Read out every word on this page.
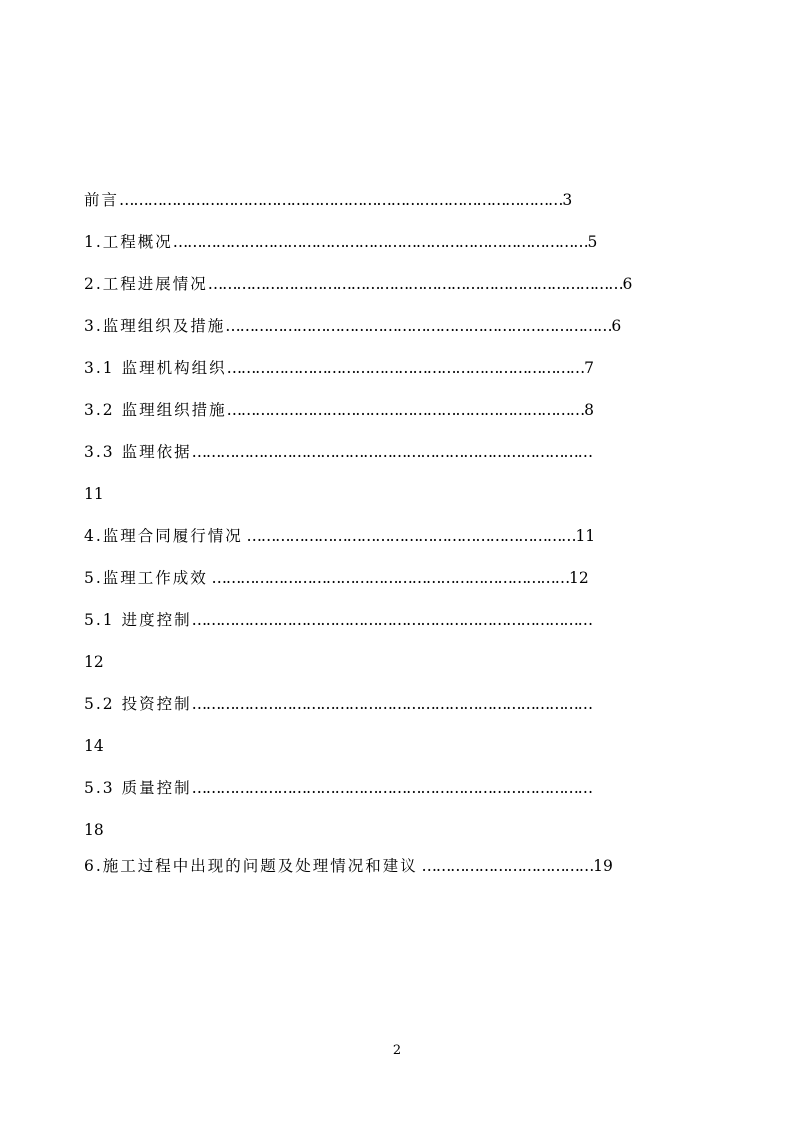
前言…………………………………………………………………………………3
1.工程概况……………………………………………………………………………5
2.工程进展情况……………………………………………………………………………6
3.监理组织及措施………………………………………………………………………6
3.1 监理机构组织…………………………………………………………………7
3.2 监理组织措施…………………………………………………………………8
3.3 监理依据…………………………………………………………………………
11
4.监理合同履行情况 ……………………………………………………………11
5.监理工作成效 …………………………………………………………………12
5.1 进度控制…………………………………………………………………………
12
5.2 投资控制…………………………………………………………………………
14
5.3 质量控制…………………………………………………………………………
18
6.施工过程中出现的问题及处理情况和建议 ………………………………19
2
